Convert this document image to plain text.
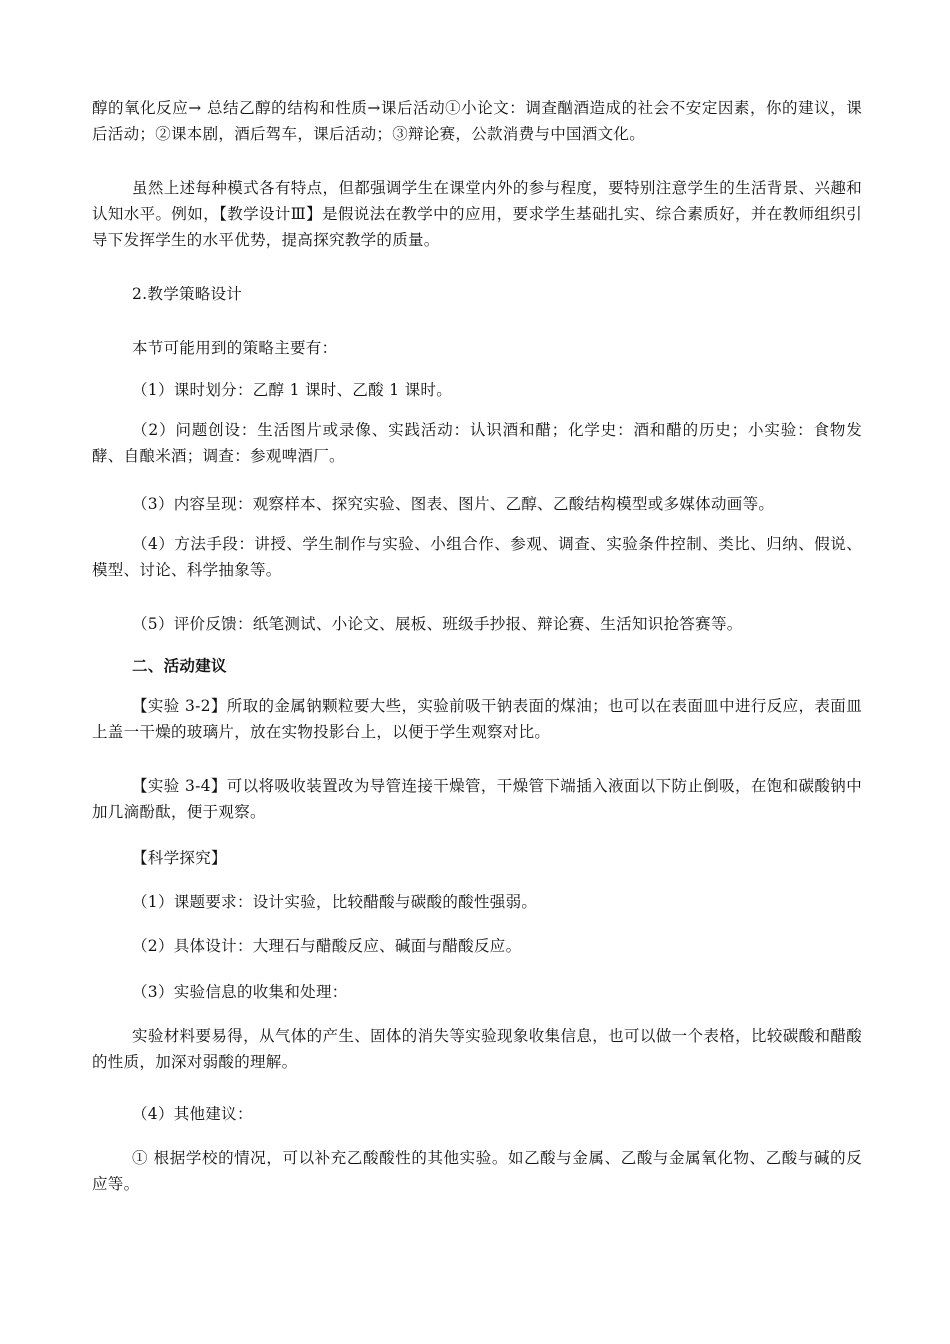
醇的氧化反应→ 总结乙醇的结构和性质→课后活动①小论文：调查酗酒造成的社会不安定因素，你的建议，课后活动；②课本剧，酒后驾车，课后活动；③辩论赛，公款消费与中国酒文化。

虽然上述每种模式各有特点，但都强调学生在课堂内外的参与程度，要特别注意学生的生活背景、兴趣和认知水平。例如，【教学设计Ⅲ】是假说法在教学中的应用，要求学生基础扎实、综合素质好，并在教师组织引导下发挥学生的水平优势，提高探究教学的质量。

2.教学策略设计

本节可能用到的策略主要有：

（1）课时划分：乙醇 1 课时、乙酸 1 课时。

（2）问题创设：生活图片或录像、实践活动：认识酒和醋；化学史：酒和醋的历史；小实验：食物发酵、自酿米酒；调查：参观啤酒厂。

（3）内容呈现：观察样本、探究实验、图表、图片、乙醇、乙酸结构模型或多媒体动画等。

（4）方法手段：讲授、学生制作与实验、小组合作、参观、调查、实验条件控制、类比、归纳、假说、模型、讨论、科学抽象等。

（5）评价反馈：纸笔测试、小论文、展板、班级手抄报、辩论赛、生活知识抢答赛等。

二、活动建议

【实验 3-2】所取的金属钠颗粒要大些，实验前吸干钠表面的煤油；也可以在表面皿中进行反应，表面皿上盖一干燥的玻璃片，放在实物投影台上，以便于学生观察对比。

【实验 3-4】可以将吸收装置改为导管连接干燥管，干燥管下端插入液面以下防止倒吸，在饱和碳酸钠中加几滴酚酞，便于观察。

【科学探究】

（1）课题要求：设计实验，比较醋酸与碳酸的酸性强弱。

（2）具体设计：大理石与醋酸反应、碱面与醋酸反应。

（3）实验信息的收集和处理：

实验材料要易得，从气体的产生、固体的消失等实验现象收集信息，也可以做一个表格，比较碳酸和醋酸的性质，加深对弱酸的理解。

（4）其他建议：

① 根据学校的情况，可以补充乙酸酸性的其他实验。如乙酸与金属、乙酸与金属氧化物、乙酸与碱的反应等。
